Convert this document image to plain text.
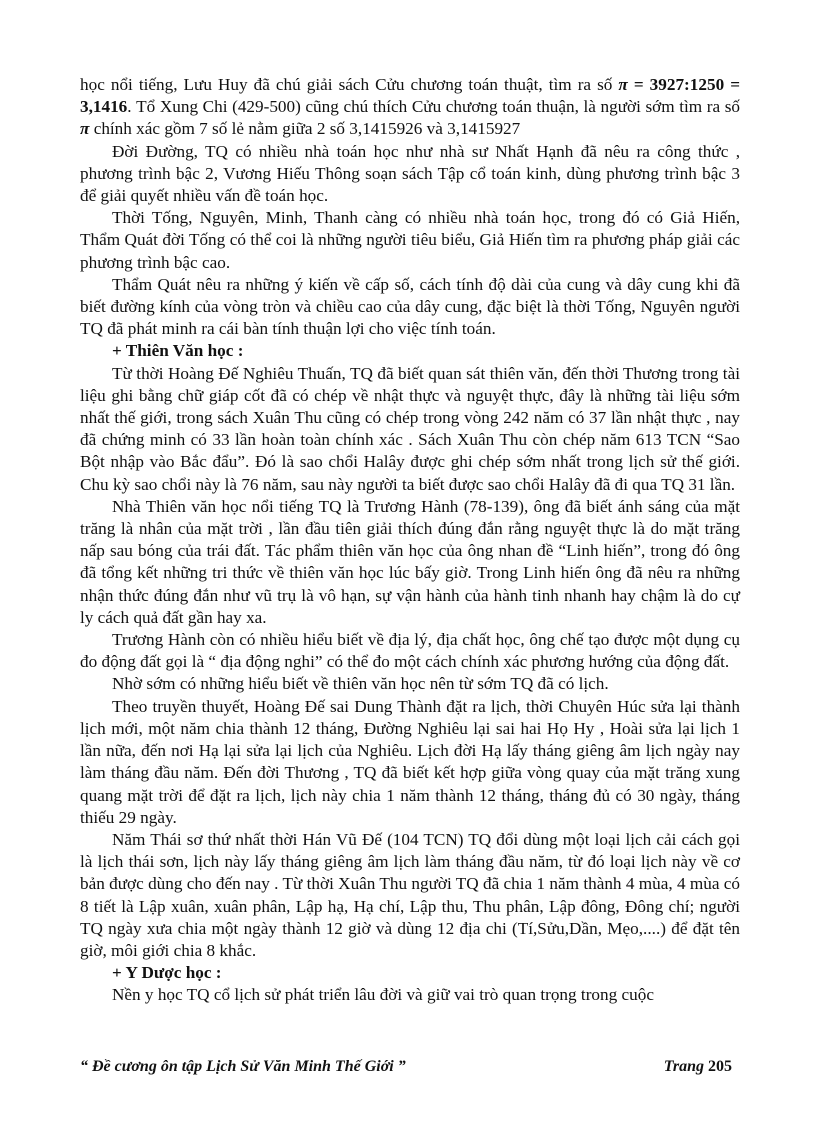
học nổi tiếng, Lưu Huy đã chú giải sách Cửu chương toán thuật, tìm ra số π = 3927:1250 = 3,1416. Tổ Xung Chi (429-500) cũng chú thích Cửu chương toán thuận, là người sớm tìm ra số π chính xác gồm 7 số lẻ nằm giữa 2 số 3,1415926 và 3,1415927

Đời Đường, TQ có nhiều nhà toán học như nhà sư Nhất Hạnh đã nêu ra công thức , phương trình bậc 2, Vương Hiếu Thông soạn sách Tập cổ toán kinh, dùng phương trình bậc 3 để giải quyết nhiều vấn đề toán học.

Thời Tống, Nguyên, Minh, Thanh càng có nhiều nhà toán học, trong đó có Giả Hiến, Thẩm Quát đời Tống có thể coi là những người tiêu biểu, Giả Hiến tìm ra phương pháp giải các phương trình bậc cao.

Thẩm Quát nêu ra những ý kiến về cấp số, cách tính độ dài của cung và dây cung khi đã biết đường kính của vòng tròn và chiều cao của dây cung, đặc biệt là thời Tống, Nguyên người TQ đã phát minh ra cái bàn tính thuận lợi cho việc tính toán.

+ Thiên Văn học :

Từ thời Hoàng Đế Nghiêu Thuấn, TQ đã biết quan sát thiên văn, đến thời Thương trong tài liệu ghi bằng chữ giáp cốt đã có chép về nhật thực và nguyệt thực, đây là những tài liệu sớm nhất thế giới, trong sách Xuân Thu cũng có chép trong vòng 242 năm có 37 lần nhật thực , nay đã chứng minh có 33 lần hoàn toàn chính xác . Sách Xuân Thu còn chép năm 613 TCN “Sao Bột nhập vào Bắc đẩu”. Đó là sao chổi Halây được ghi chép sớm nhất trong lịch sử thế giới. Chu kỳ sao chổi này là 76 năm, sau này người ta biết được sao chổi Halây đã đi qua TQ 31 lần.

Nhà Thiên văn học nổi tiếng TQ là Trương Hành (78-139), ông đã biết ánh sáng của mặt trăng là nhân của mặt trời , lần đầu tiên giải thích đúng đắn rằng nguyệt thực là do mặt trăng nấp sau bóng của trái đất. Tác phẩm thiên văn học của ông nhan đề “Linh hiến”, trong đó ông đã tổng kết những tri thức về thiên văn học lúc bấy giờ. Trong Linh hiến ông đã nêu ra những nhận thức đúng đắn như vũ trụ là vô hạn, sự vận hành của hành tinh nhanh hay chậm là do cự ly cách quả đất gần hay xa.

Trương Hành còn có nhiều hiểu biết về địa lý, địa chất học, ông chế tạo được một dụng cụ đo động đất gọi là “ địa động nghi” có thể đo một cách chính xác phương hướng của động đất.

Nhờ sớm có những hiểu biết về thiên văn học nên từ sớm TQ đã có lịch.

Theo truyền thuyết, Hoàng Đế sai Dung Thành đặt ra lịch, thời Chuyên Húc sửa lại thành lịch mới, một năm chia thành 12 tháng, Đường Nghiêu lại sai hai Họ Hy , Hoài sửa lại lịch 1 lần nữa, đến nơi Hạ lại sửa lại lịch của Nghiêu. Lịch đời Hạ lấy tháng giêng âm lịch ngày nay làm tháng đầu năm. Đến đời Thương , TQ đã biết kết hợp giữa vòng quay của mặt trăng xung quang mặt trời để đặt ra lịch, lịch này chia 1 năm thành 12 tháng, tháng đủ có 30 ngày, tháng thiếu 29 ngày.

Năm Thái sơ thứ nhất thời Hán Vũ Đế (104 TCN) TQ đổi dùng một loại lịch cải cách gọi là lịch thái sơn, lịch này lấy tháng giêng âm lịch làm tháng đầu năm, từ đó loại lịch này về cơ bản được dùng cho đến nay . Từ thời Xuân Thu người TQ đã chia 1 năm thành 4 mùa, 4 mùa có 8 tiết là Lập xuân, xuân phân, Lập hạ, Hạ chí, Lập thu, Thu phân, Lập đông, Đông chí; người TQ ngày xưa chia một ngày thành 12 giờ và dùng 12 địa chi (Tí,Sửu,Dần, Mẹo,....) để đặt tên giờ, môi giới chia 8 khắc.

+ Y Dược học :

Nền y học TQ cổ lịch sử phát triển lâu đời và giữ vai trò quan trọng trong cuộc

“ Đề cương ôn tập Lịch Sử Văn Minh Thế Giới ”	Trang 205
